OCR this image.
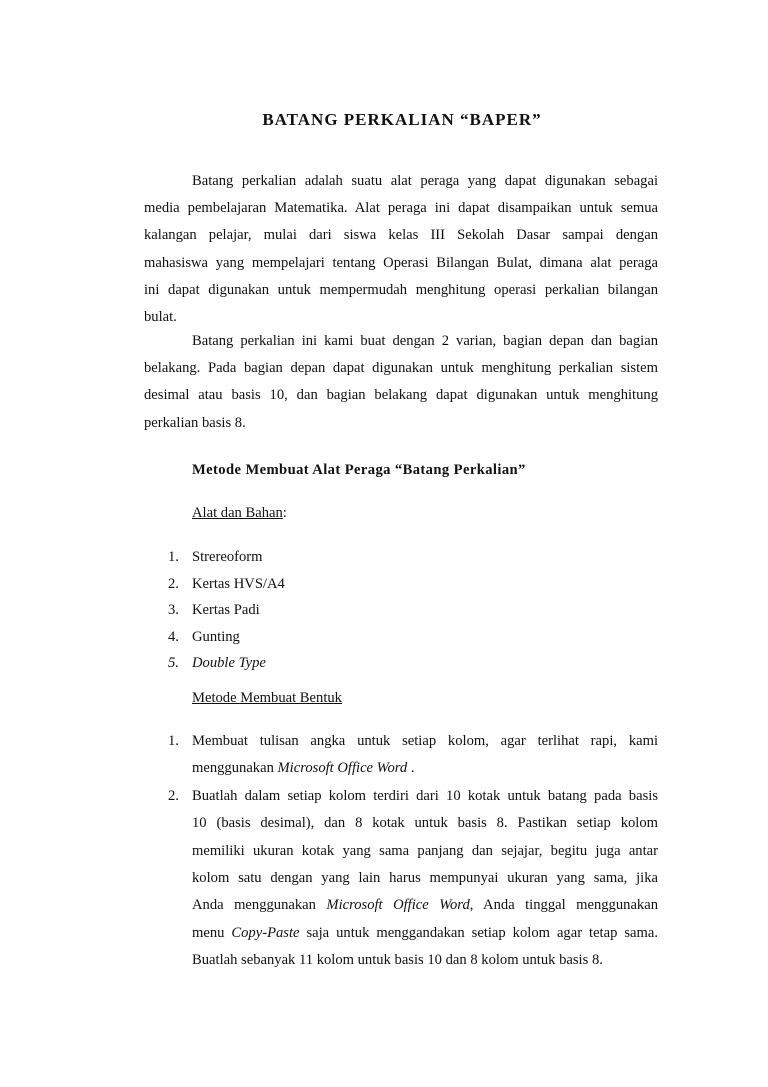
BATANG PERKALIAN “BAPER”
Batang perkalian adalah suatu alat peraga yang dapat digunakan sebagai
media pembelajaran Matematika. Alat peraga ini dapat disampaikan untuk semua
kalangan pelajar, mulai dari siswa kelas III Sekolah Dasar sampai dengan
mahasiswa yang mempelajari tentang Operasi Bilangan Bulat, dimana alat peraga
ini dapat digunakan untuk mempermudah menghitung operasi perkalian bilangan
bulat.
Batang perkalian ini kami buat dengan 2 varian, bagian depan dan bagian
belakang. Pada bagian depan dapat digunakan untuk menghitung perkalian sistem
desimal atau basis 10, dan bagian belakang dapat digunakan untuk menghitung
perkalian basis 8.
Metode Membuat Alat Peraga “Batang Perkalian”
Alat dan Bahan:
1. Strereoform
2. Kertas HVS/A4
3. Kertas Padi
4. Gunting
5. Double Type
Metode Membuat Bentuk
1. Membuat tulisan angka untuk setiap kolom, agar terlihat rapi, kami
menggunakan Microsoft Office Word .
2. Buatlah dalam setiap kolom terdiri dari 10 kotak untuk batang pada basis
10 (basis desimal), dan 8 kotak untuk basis 8. Pastikan setiap kolom
memiliki ukuran kotak yang sama panjang dan sejajar, begitu juga antar
kolom satu dengan yang lain harus mempunyai ukuran yang sama, jika
Anda menggunakan Microsoft Office Word, Anda tinggal menggunakan
menu Copy-Paste saja untuk menggandakan setiap kolom agar tetap sama.
Buatlah sebanyak 11 kolom untuk basis 10 dan 8 kolom untuk basis 8.
